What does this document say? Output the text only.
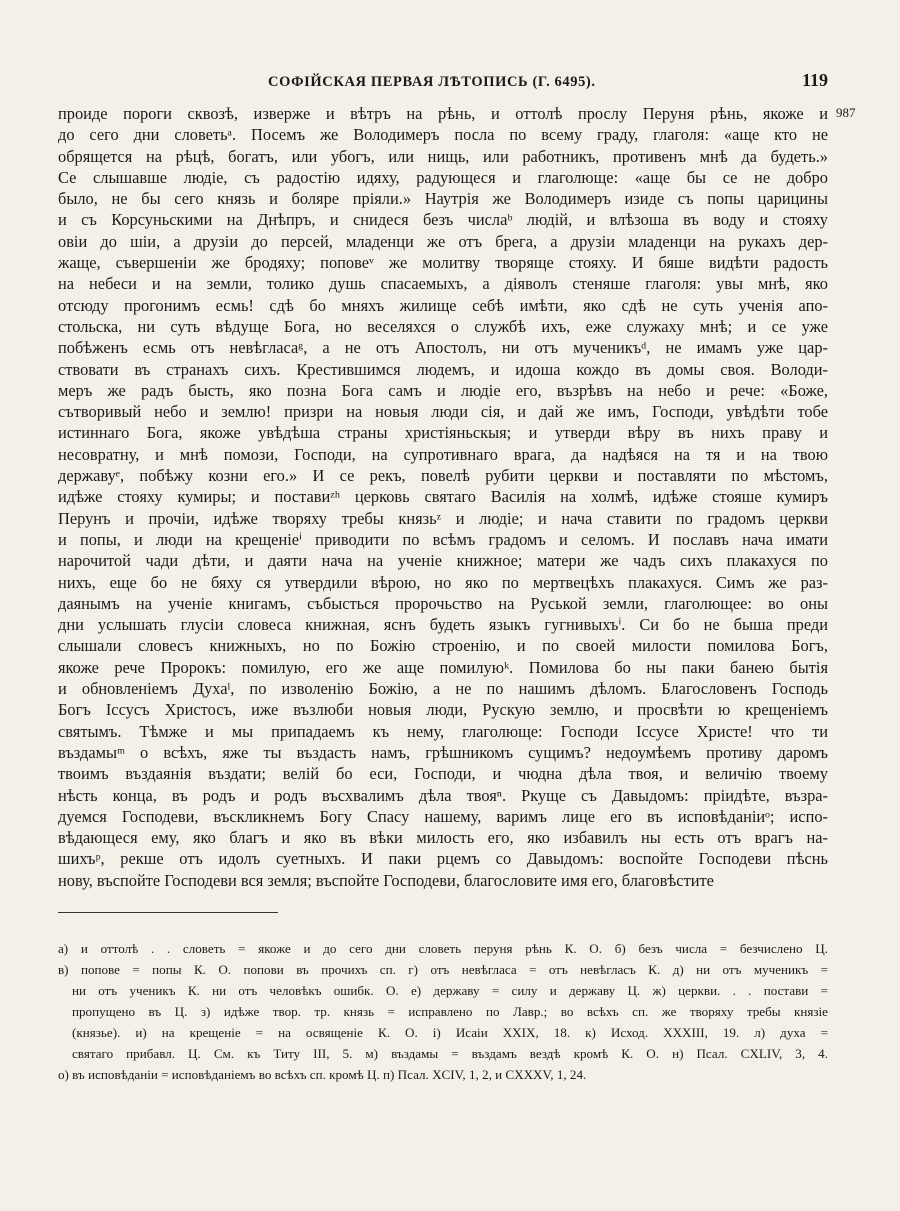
СОФІЙСКАЯ ПЕРВАЯ ЛѢТОПИСЬ (Г. 6495).	119
987
проиде пороги сквозѣ, изверже и вѣтръ на рѣнь, и оттолѣ прослу Перуня рѣнь, якоже и
до сего дни словетьᵃ. Посемъ же Володимеръ посла по всему граду, глаголя: «аще кто не
обрящется на рѣцѣ, богатъ, или убогъ, или нищь, или работникъ, противенъ мнѣ да будеть.»
Се слышавше людіе, съ радостію идяху, радующеся и глаголюще: «аще бы се не добро
было, не бы сего князь и боляре пріяли.» Наутрія же Володимеръ изиде съ попы царицины
и съ Корсуньскими на Днѣпръ, и снидеся безъ числаᵇ людій, и влѣзоша въ воду и стояху
овіи до шіи, а друзіи до персей, младенци же отъ брега, а друзіи младенци на рукахъ дер-
жаще, съвершеніи же бродяху; поповеᵛ же молитву творяще стояху. И бяше видѣти радость
на небеси и на земли, толико душь спасаемыхъ, а діяволъ стеняше глаголя: увы мнѣ, яко
отсюду прогонимъ есмь! сдѣ бо мняхъ жилище себѣ имѣти, яко сдѣ не суть ученія апо-
стольска, ни суть вѣдуще Бога, но веселяхся о службѣ ихъ, еже служаху мнѣ; и се уже
побѣженъ есмь отъ невѣгласаᵍ, а не отъ Апостолъ, ни отъ мученикъᵈ, не имамъ уже цар-
ствовати въ странахъ сихъ. Крестившимся людемъ, и идоша кождо въ домы своя. Володи-
меръ же радъ бысть, яко позна Бога самъ и людіе его, възрѣвъ на небо и рече: «Боже,
сътворивый небо и землю! призри на новыя люди сія, и дай же имъ, Господи, увѣдѣти тобе
истиннаго Бога, якоже увѣдѣша страны христіяньскыя; и утверди вѣру въ нихъ праву и
несовратну, и мнѣ помози, Господи, на супротивнаго врага, да надѣяся на тя и на твою
державуᵉ, побѣжу козни его.» И се рекъ, повелѣ рубити церкви и поставляти по мѣстомъ,
идѣже стояху кумиры; и поставиᶻʰ церковь святаго Василія на холмѣ, идѣже стояше кумиръ
Перунъ и прочіи, идѣже творяху требы князьᶻ и людіе; и нача ставити по градомъ церкви
и попы, и люди на крещеніеⁱ приводити по всѣмъ градомъ и селомъ. И пославъ нача имати
нарочитой чади дѣти, и даяти нача на ученіе книжное; матери же чадъ сихъ плакахуся по
нихъ, еще бо не бяху ся утвердили вѣрою, но яко по мертвецѣхъ плакахуся. Симъ же раз-
даянымъ на ученіе книгамъ, събысться пророчьство на Руськой земли, глаголющее: во оны
дни услышать глусіи словеса книжная, яснъ будеть языкъ гугнивыхъⁱ. Си бо не быша преди
слышали словесъ книжныхъ, но по Божію строенію, и по своей милости помилова Богъ,
якоже рече Пророкъ: помилую, его же аще помилуюᵏ. Помилова бо ны паки банею бытія
и обновленіемъ Духаˡ, по изволенію Божію, а не по нашимъ дѣломъ. Благословенъ Господь
Богъ Іссусъ Христосъ, иже възлюби новыя люди, Рускую землю, и просвѣти ю крещеніемъ
святымъ. Тѣмже и мы припадаемъ къ нему, глаголюще: Господи Іссусе Христе! что ти
въздамыᵐ о всѣхъ, яже ты въздасть намъ, грѣшникомъ сущимъ? недоумѣемъ противу даромъ
твоимъ въздаянія въздати; велій бо еси, Господи, и чюдна дѣла твоя, и величію твоему
нѣсть конца, въ родъ и родъ въсхвалимъ дѣла твояⁿ. Ркуще съ Давыдомъ: пріидѣте, възра-
дуемся Господеви, въскликнемъ Богу Спасу нашему, варимъ лице его въ исповѣданіиᵒ; испо-
вѣдающеся ему, яко благъ и яко въ вѣки милость его, яко избавилъ ны есть отъ врагъ на-
шихъᵖ, рекше отъ идолъ суетныхъ. И паки рцемъ со Давыдомъ: воспойте Господеви пѣснь
нову, въспойте Господеви вся земля; въспойте Господеви, благословите имя его, благовѣстите
а) и оттолѣ . . словеть = якоже и до сего дни словеть перуня рѣнь К. О. б) безъ числа = безчислено Ц.
в) попове = попы К. О. попови въ прочихъ сп. г) отъ невѣгласа = отъ невѣгласъ К. д) ни отъ мученикъ =
ни отъ ученикъ К. ни отъ человѣкъ ошибк. О. е) державу = силу и державу Ц. ж) церкви. . . постави =
пропущено въ Ц. з) идѣже твор. тр. князь = исправлено по Лавр.; во всѣхъ сп. же творяху требы князіе
(князье). и) на крещеніе = на освященіе К. О. і) Исаіи XXIX, 18. к) Исход. XXXIII, 19. л) духа =
святаго прибавл. Ц. См. къ Титу III, 5. м) въздамы = въздамъ вездѣ кромѣ К. О. н) Псал. CXLIV, 3, 4.
о) въ исповѣданіи = исповѣданіемъ во всѣхъ сп. кромѣ Ц. п) Псал. XCIV, 1, 2, и CXXXV, 1, 24.
